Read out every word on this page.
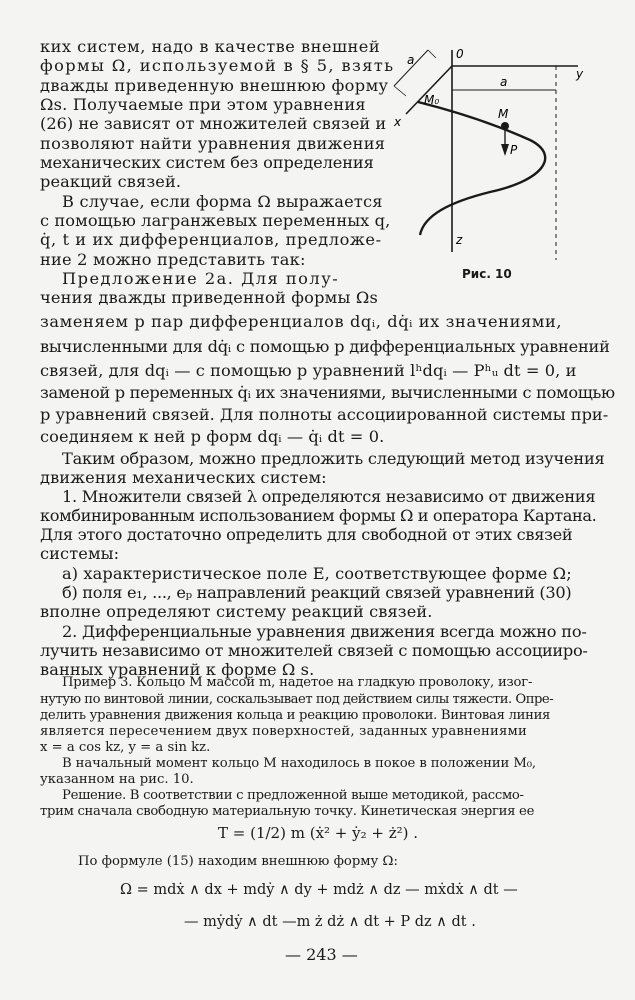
ких систем, надо в качестве внешней
формы Ω, используемой в § 5, взять
дважды приведенную внешнюю форму
Ωs. Получаемые при этом уравнения
(26) не зависят от множителей связей и
позволяют найти уравнения движения
механических систем без определения
реакций связей.
В случае, если форма Ω выражается
с помощью лагранжевых переменных q,
q̇, t и их дифференциалов, предложе-
ние 2 можно представить так:
Предложение 2а. Для полу-
чения дважды приведенной формы Ωs
a	0
a
y
x
M₀
M
P
z
Рис. 10
заменяем p пар дифференциалов dqᵢ, dq̇ᵢ их значениями,
вычисленными для dq̇ᵢ с помощью p дифференциальных уравнений
связей, для dqᵢ — с помощью p уравнений lʰdqᵢ — Pʰᵤ dt = 0, и
заменой p переменных q̇ᵢ их значениями, вычисленными с помощью
p уравнений связей. Для полноты ассоциированной системы при-
соединяем к ней p форм dqᵢ — q̇ᵢ dt = 0.
Таким образом, можно предложить следующий метод изучения
движения механических систем:
1. Множители связей λ определяются независимо от движения
комбинированным использованием формы Ω и оператора Картана.
Для этого достаточно определить для свободной от этих связей
системы:
а) характеристическое поле E, соответствующее форме Ω;
б) поля e₁, ..., eₚ направлений реакций связей уравнений (30)
вполне определяют систему реакций связей.
2. Дифференциальные уравнения движения всегда можно по-
лучить независимо от множителей связей с помощью ассоцииро-
ванных уравнений к форме Ω s.
Пример 3. Кольцо M массой m, надетое на гладкую проволоку, изог-
нутую по винтовой линии, соскальзывает под действием силы тяжести. Опре-
делить уравнения движения кольца и реакцию проволоки. Винтовая линия
является пересечением двух поверхностей, заданных уравнениями
x = a cos kz, y = a sin kz.
В начальный момент кольцо M находилось в покое в положении M₀,
указанном на рис. 10.
Решение. В соответствии с предложенной выше методикой, рассмо-
трим сначала свободную материальную точку. Кинетическая энергия ее
T = (1/2) m (ẋ² + ẏ₂ + ż²) .
По формуле (15) находим внешнюю форму Ω:
Ω = mdẋ ∧ dx + mdẏ ∧ dy + mdż ∧ dz — mẋdẋ ∧ dt —
— mẏdẏ ∧ dt —m ż dż ∧ dt + P dz ∧ dt .
— 243 —
